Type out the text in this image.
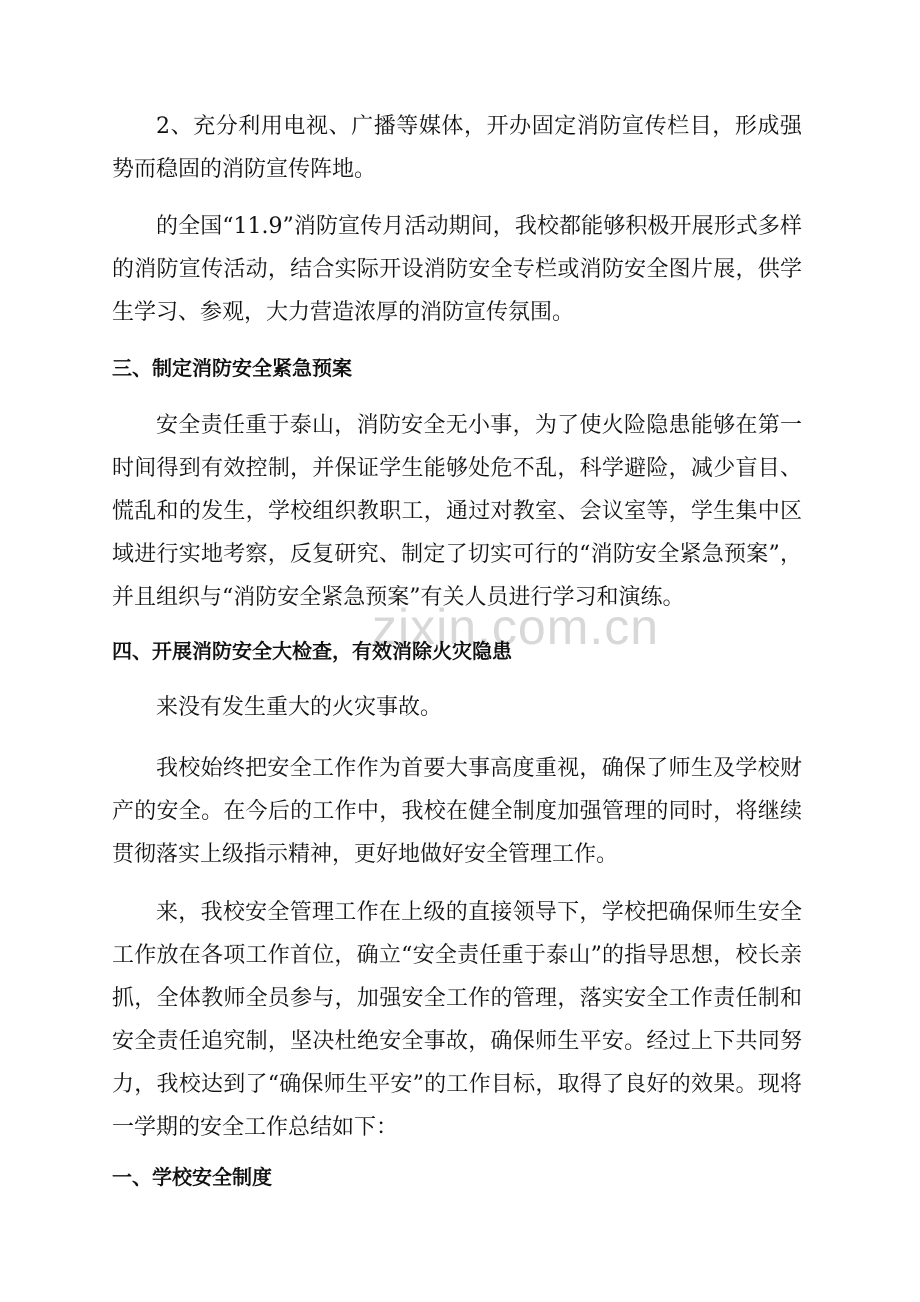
zixin.com.cn
2、充分利用电视、广播等媒体，开办固定消防宣传栏目，形成强势而稳固的消防宣传阵地。
的全国“11.9”消防宣传月活动期间，我校都能够积极开展形式多样的消防宣传活动，结合实际开设消防安全专栏或消防安全图片展，供学生学习、参观，大力营造浓厚的消防宣传氛围。
三、制定消防安全紧急预案
安全责任重于泰山，消防安全无小事，为了使火险隐患能够在第一时间得到有效控制，并保证学生能够处危不乱，科学避险，减少盲目、慌乱和的发生，学校组织教职工，通过对教室、会议室等，学生集中区域进行实地考察，反复研究、制定了切实可行的“消防安全紧急预案”，并且组织与“消防安全紧急预案”有关人员进行学习和演练。
四、开展消防安全大检查，有效消除火灾隐患
来没有发生重大的火灾事故。
我校始终把安全工作作为首要大事高度重视，确保了师生及学校财产的安全。在今后的工作中，我校在健全制度加强管理的同时，将继续贯彻落实上级指示精神，更好地做好安全管理工作。
来，我校安全管理工作在上级的直接领导下，学校把确保师生安全工作放在各项工作首位，确立“安全责任重于泰山”的指导思想，校长亲抓，全体教师全员参与，加强安全工作的管理，落实安全工作责任制和安全责任追究制，坚决杜绝安全事故，确保师生平安。经过上下共同努力，我校达到了“确保师生平安”的工作目标，取得了良好的效果。现将一学期的安全工作总结如下：
一、学校安全制度
